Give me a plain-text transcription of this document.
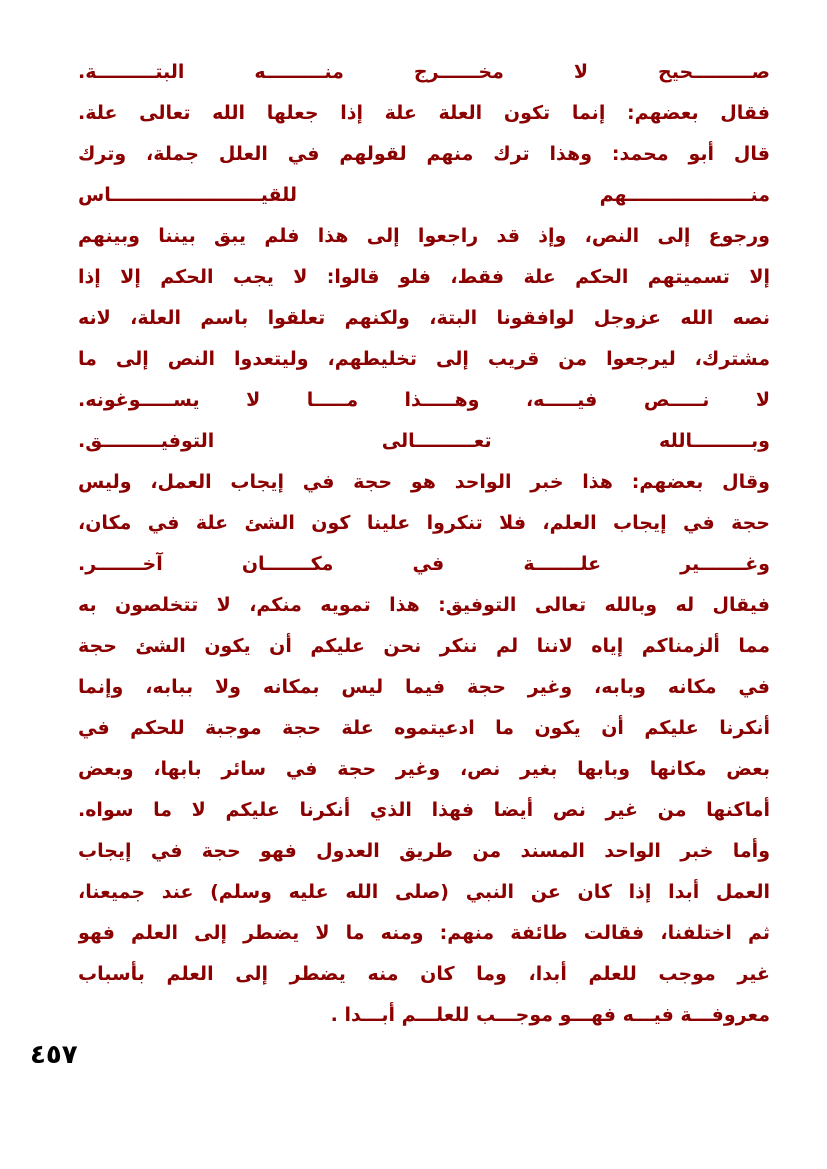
صـــــــــحيح لا مخــــــرج منـــــــــه البتـــــــــة.
فقال بعضهم: إنما تكون العلة علة إذا جعلها الله تعالى علة.
قال أبو محمد: وهذا ترك منهم لقولهم في العلل جملة، وترك
منـــــــــــــــــــهم للقيـــــــــــــــــــــــاس
ورجوع إلى النص، وإذ قد راجعوا إلى هذا فلم يبق بيننا وبينهم
إلا تسميتهم الحكم علة فقط، فلو قالوا: لا يجب الحكم إلا إذا
نصه الله عزوجل لوافقونا البتة، ولكنهم تعلقوا باسم العلة، لانه
مشترك، ليرجعوا من قريب إلى تخليطهم، وليتعدوا النص إلى ما
لا نـــــص فيـــــه، وهـــــذا مـــــا لا يســـــوغونه.
وبـــــــــالله تعـــــــــالى التوفيـــــــــق.
وقال بعضهم: هذا خبر الواحد هو حجة في إيجاب العمل، وليس
حجة في إيجاب العلم، فلا تنكروا علينا كون الشئ علة في مكان،
وغـــــــير علـــــــة في مكـــــــان آخـــــــر.
فيقال له وبالله تعالى التوفيق: هذا تمويه منكم، لا تتخلصون به
مما ألزمناكم إياه لاننا لم ننكر نحن عليكم أن يكون الشئ حجة
في مكانه وبابه، وغير حجة فيما ليس بمكانه ولا ببابه، وإنما
أنكرنا عليكم أن يكون ما ادعيتموه علة حجة موجبة للحكم في
بعض مكانها وبابها بغير نص، وغير حجة في سائر بابها، وبعض
أماكنها من غير نص أيضا فهذا الذي أنكرنا عليكم لا ما سواه.
وأما خبر الواحد المسند من طريق العدول فهو حجة في إيجاب
العمل أبدا إذا كان عن النبي (صلى الله عليه وسلم) عند جميعنا،
ثم اختلفنا، فقالت طائفة منهم: ومنه ما لا يضطر إلى العلم فهو
غير موجب للعلم أبدا، وما كان منه يضطر إلى العلم بأسباب
معروفـــة فيـــه فهـــو موجـــب للعلـــم أبـــدا .
٤٥٧
